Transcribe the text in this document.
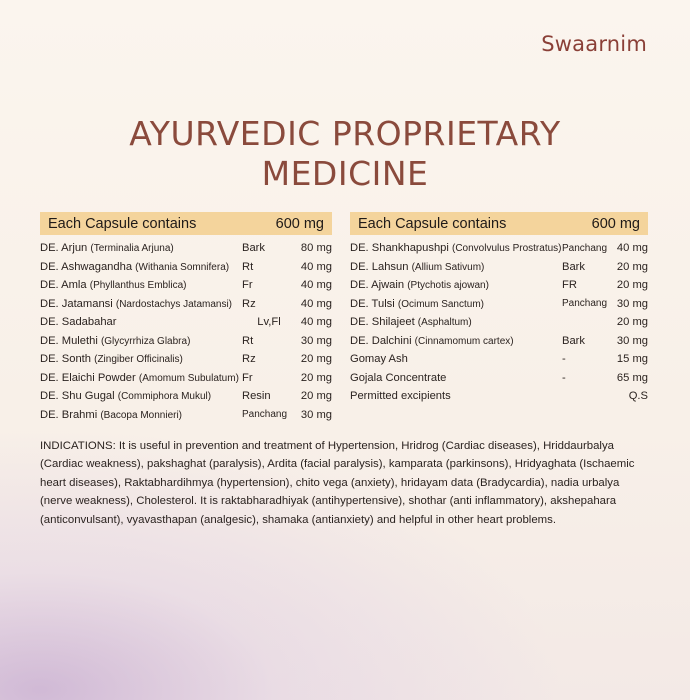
Swaarnim
AYURVEDIC PROPRIETARY
MEDICINE
Each Capsule contains	600 mg
DE. Arjun (Terminalia Arjuna)	Bark	80 mg
DE. Ashwagandha (Withania Somnifera)	Rt	40 mg
DE. Amla (Phyllanthus Emblica)	Fr	40 mg
DE. Jatamansi (Nardostachys Jatamansi) Rz	40 mg
DE. Sadabahar	Lv,Fl	40 mg
DE. Mulethi (Glycyrrhiza Glabra)	Rt	30 mg
DE. Sonth (Zingiber Officinalis)	Rz	20 mg
DE. Elaichi Powder (Amomum Subulatum) Fr	20 mg
DE. Shu Gugal (Commiphora Mukul)	Resin	20 mg
DE. Brahmi (Bacopa Monnieri)	Panchang	30 mg
Each Capsule contains	600 mg
DE. Shankhapushpi (Convolvulus Prostratus) Panchang 40 mg
DE. Lahsun (Allium Sativum)	Bark	20 mg
DE. Ajwain (Ptychotis ajowan)	FR	20 mg
DE. Tulsi (Ocimum Sanctum)	Panchang 30 mg
DE. Shilajeet (Asphaltum)	20 mg
DE. Dalchini (Cinnamomum cartex)	Bark	30 mg
Gomay Ash	-	15 mg
Gojala Concentrate	-	65 mg
Permitted excipients	Q.S
INDICATIONS: It is useful in prevention and treatment of Hypertension, Hridrog (Cardiac diseases), Hriddaurbalya (Cardiac weakness), pakshaghat (paralysis), Ardita (facial paralysis), kamparata (parkinsons), Hridyaghata (Ischaemic heart diseases), Raktabhardihmya (hypertension), chito vega (anxiety), hridayam data (Bradycardia), nadia urbalya (nerve weakness), Cholesterol. It is raktabharadhiyak (antihypertensive), shothar (anti inflammatory), akshepahara (anticonvulsant), vyavasthapan (analgesic), shamaka (antianxiety) and helpful in other heart problems.
